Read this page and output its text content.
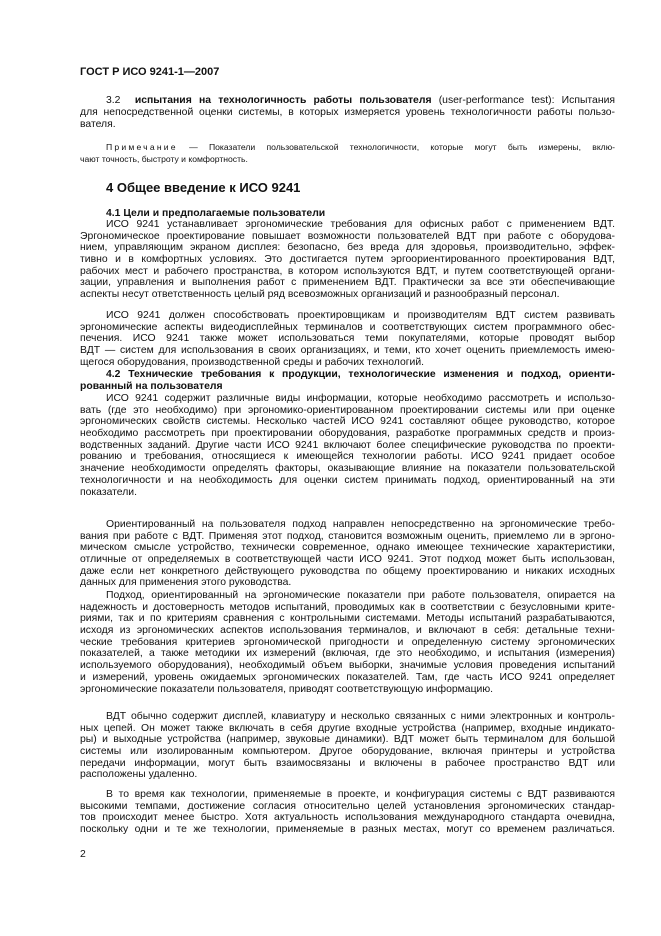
ГОСТ Р ИСО 9241-1—2007
3.2 испытания на технологичность работы пользователя (user-performance test): Испытания
для непосредственной оценки системы, в которых измеряется уровень технологичности работы пользо-
вателя.
Примечание — Показатели пользовательской технологичности, которые могут быть измерены, вклю-
чают точность, быстроту и комфортность.
4 Общее введение к ИСО 9241
4.1 Цели и предполагаемые пользователи
ИСО 9241 устанавливает эргономические требования для офисных работ с применением ВДТ.
Эргономическое проектирование повышает возможности пользователей ВДТ при работе с оборудова-
нием, управляющим экраном дисплея: безопасно, без вреда для здоровья, производительно, эффек-
тивно и в комфортных условиях. Это достигается путем эргоориентированного проектирования ВДТ,
рабочих мест и рабочего пространства, в котором используются ВДТ, и путем соответствующей органи-
зации, управления и выполнения работ с применением ВДТ. Практически за все эти обеспечивающие
аспекты несут ответственность целый ряд всевозможных организаций и разнообразный персонал.
ИСО 9241 должен способствовать проектировщикам и производителям ВДТ систем развивать
эргономические аспекты видеодисплейных терминалов и соответствующих систем программного обес-
печения. ИСО 9241 также может использоваться теми покупателями, которые проводят выбор
ВДТ — систем для использования в своих организациях, и теми, кто хочет оценить приемлемость имею-
щегося оборудования, производственной среды и рабочих технологий.
4.2 Технические требования к продукции, технологические изменения и подход, ориенти-
рованный на пользователя
ИСО 9241 содержит различные виды информации, которые необходимо рассмотреть и использо-
вать (где это необходимо) при эргономико-ориентированном проектировании системы или при оценке
эргономических свойств системы. Несколько частей ИСО 9241 составляют общее руководство, которое
необходимо рассмотреть при проектировании оборудования, разработке программных средств и произ-
водственных заданий. Другие части ИСО 9241 включают более специфические руководства по проекти-
рованию и требования, относящиеся к имеющейся технологии работы. ИСО 9241 придает особое
значение необходимости определять факторы, оказывающие влияние на показатели пользовательской
технологичности и на необходимость для оценки систем принимать подход, ориентированный на эти
показатели.
Ориентированный на пользователя подход направлен непосредственно на эргономические требо-
вания при работе с ВДТ. Применяя этот подход, становится возможным оценить, приемлемо ли в эргоно-
мическом смысле устройство, технически современное, однако имеющее технические характеристики,
отличные от определяемых в соответствующей части ИСО 9241. Этот подход может быть использован,
даже если нет конкретного действующего руководства по общему проектированию и никаких исходных
данных для применения этого руководства.
Подход, ориентированный на эргономические показатели при работе пользователя, опирается на
надежность и достоверность методов испытаний, проводимых как в соответствии с безусловными крите-
риями, так и по критериям сравнения с контрольными системами. Методы испытаний разрабатываются,
исходя из эргономических аспектов использования терминалов, и включают в себя: детальные техни-
ческие требования критериев эргономической пригодности и определенную систему эргономических
показателей, а также методики их измерений (включая, где это необходимо, и испытания (измерения)
используемого оборудования), необходимый объем выборки, значимые условия проведения испытаний
и измерений, уровень ожидаемых эргономических показателей. Там, где часть ИСО 9241 определяет
эргономические показатели пользователя, приводят соответствующую информацию.
ВДТ обычно содержит дисплей, клавиатуру и несколько связанных с ними электронных и контроль-
ных цепей. Он может также включать в себя другие входные устройства (например, входные индикато-
ры) и выходные устройства (например, звуковые динамики). ВДТ может быть терминалом для большой
системы или изолированным компьютером. Другое оборудование, включая принтеры и устройства
передачи информации, могут быть взаимосвязаны и включены в рабочее пространство ВДТ или
расположены удаленно.
В то время как технологии, применяемые в проекте, и конфигурация системы с ВДТ развиваются
высокими темпами, достижение согласия относительно целей установления эргономических стандар-
тов происходит менее быстро. Хотя актуальность использования международного стандарта очевидна,
поскольку одни и те же технологии, применяемые в разных местах, могут со временем различаться.
2
